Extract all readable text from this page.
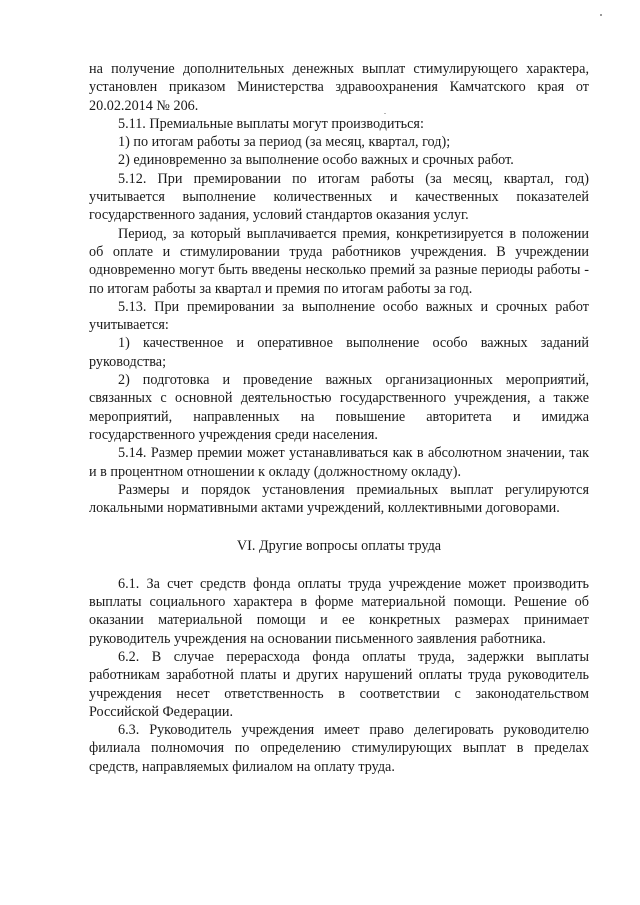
на получение дополнительных денежных выплат стимулирующего характера, установлен приказом Министерства здравоохранения Камчатского края от 20.02.2014 № 206.

5.11. Премиальные выплаты могут производиться:

1) по итогам работы за период (за месяц, квартал, год);

2) единовременно за выполнение особо важных и срочных работ.

5.12. При премировании по итогам работы (за месяц, квартал, год) учитывается выполнение количественных и качественных показателей государственного задания, условий стандартов оказания услуг.

Период, за который выплачивается премия, конкретизируется в положении об оплате и стимулировании труда работников учреждения. В учреждении одновременно могут быть введены несколько премий за разные периоды работы - по итогам работы за квартал и премия по итогам работы за год.

5.13. При премировании за выполнение особо важных и срочных работ учитывается:

1) качественное и оперативное выполнение особо важных заданий руководства;

2) подготовка и проведение важных организационных мероприятий, связанных с основной деятельностью государственного учреждения, а также мероприятий, направленных на повышение авторитета и имиджа государственного учреждения среди населения.

5.14. Размер премии может устанавливаться как в абсолютном значении, так и в процентном отношении к окладу (должностному окладу).

Размеры и порядок установления премиальных выплат регулируются локальными нормативными актами учреждений, коллективными договорами.

VI. Другие вопросы оплаты труда

6.1. За счет средств фонда оплаты труда учреждение может производить выплаты социального характера в форме материальной помощи. Решение об оказании материальной помощи и ее конкретных размерах принимает руководитель учреждения на основании письменного заявления работника.

6.2. В случае перерасхода фонда оплаты труда, задержки выплаты работникам заработной платы и других нарушений оплаты труда руководитель учреждения несет ответственность в соответствии с законодательством Российской Федерации.

6.3. Руководитель учреждения имеет право делегировать руководителю филиала полномочия по определению стимулирующих выплат в пределах средств, направляемых филиалом на оплату труда.
